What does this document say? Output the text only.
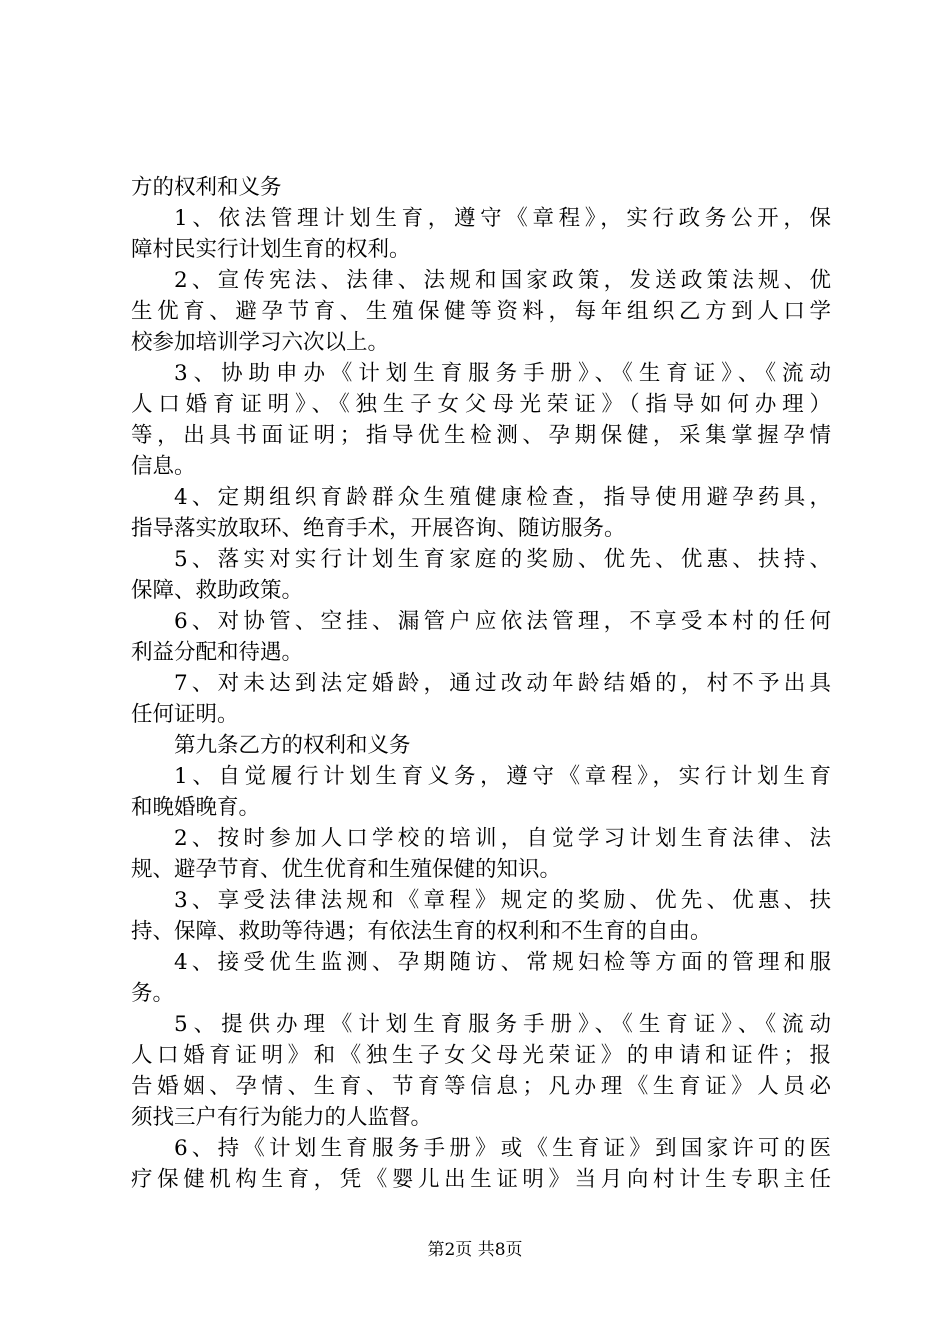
方的权利和义务
1、依法管理计划生育，遵守《章程》，实行政务公开，保
障村民实行计划生育的权利。
2、宣传宪法、法律、法规和国家政策，发送政策法规、优
生优育、避孕节育、生殖保健等资料，每年组织乙方到人口学
校参加培训学习六次以上。
3、协助申办《计划生育服务手册》、《生育证》、《流动
人口婚育证明》、《独生子女父母光荣证》（指导如何办理）
等，出具书面证明；指导优生检测、孕期保健，采集掌握孕情
信息。
4、定期组织育龄群众生殖健康检查，指导使用避孕药具，
指导落实放取环、绝育手术，开展咨询、随访服务。
5、落实对实行计划生育家庭的奖励、优先、优惠、扶持、
保障、救助政策。
6、对协管、空挂、漏管户应依法管理，不享受本村的任何
利益分配和待遇。
7、对未达到法定婚龄，通过改动年龄结婚的，村不予出具
任何证明。
第九条乙方的权利和义务
1、自觉履行计划生育义务，遵守《章程》，实行计划生育
和晚婚晚育。
2、按时参加人口学校的培训，自觉学习计划生育法律、法
规、避孕节育、优生优育和生殖保健的知识。
3、享受法律法规和《章程》规定的奖励、优先、优惠、扶
持、保障、救助等待遇；有依法生育的权利和不生育的自由。
4、接受优生监测、孕期随访、常规妇检等方面的管理和服
务。
5、提供办理《计划生育服务手册》、《生育证》、《流动
人口婚育证明》和《独生子女父母光荣证》的申请和证件；报
告婚姻、孕情、生育、节育等信息；凡办理《生育证》人员必
须找三户有行为能力的人监督。
6、持《计划生育服务手册》或《生育证》到国家许可的医
疗保健机构生育，凭《婴儿出生证明》当月向村计生专职主任
第2页 共8页
